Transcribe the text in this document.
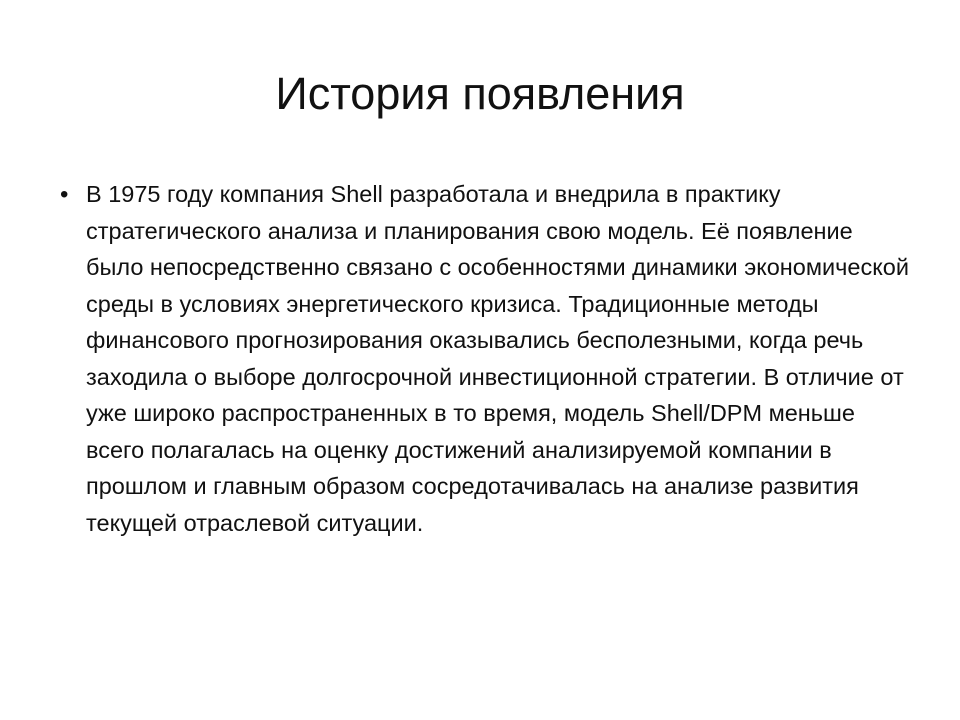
История появления
• В 1975 году компания Shell разработала и внедрила в практику стратегического анализа и планирования свою модель. Её появление было непосредственно связано с особенностями динамики экономической среды в условиях энергетического кризиса. Традиционные методы финансового прогнозирования оказывались бесполезными, когда речь заходила о выборе долгосрочной инвестиционной стратегии. В отличие от уже широко распространенных в то время, модель Shell/DPM меньше всего полагалась на оценку достижений анализируемой компании в прошлом и главным образом сосредотачивалась на анализе развития текущей отраслевой ситуации.
